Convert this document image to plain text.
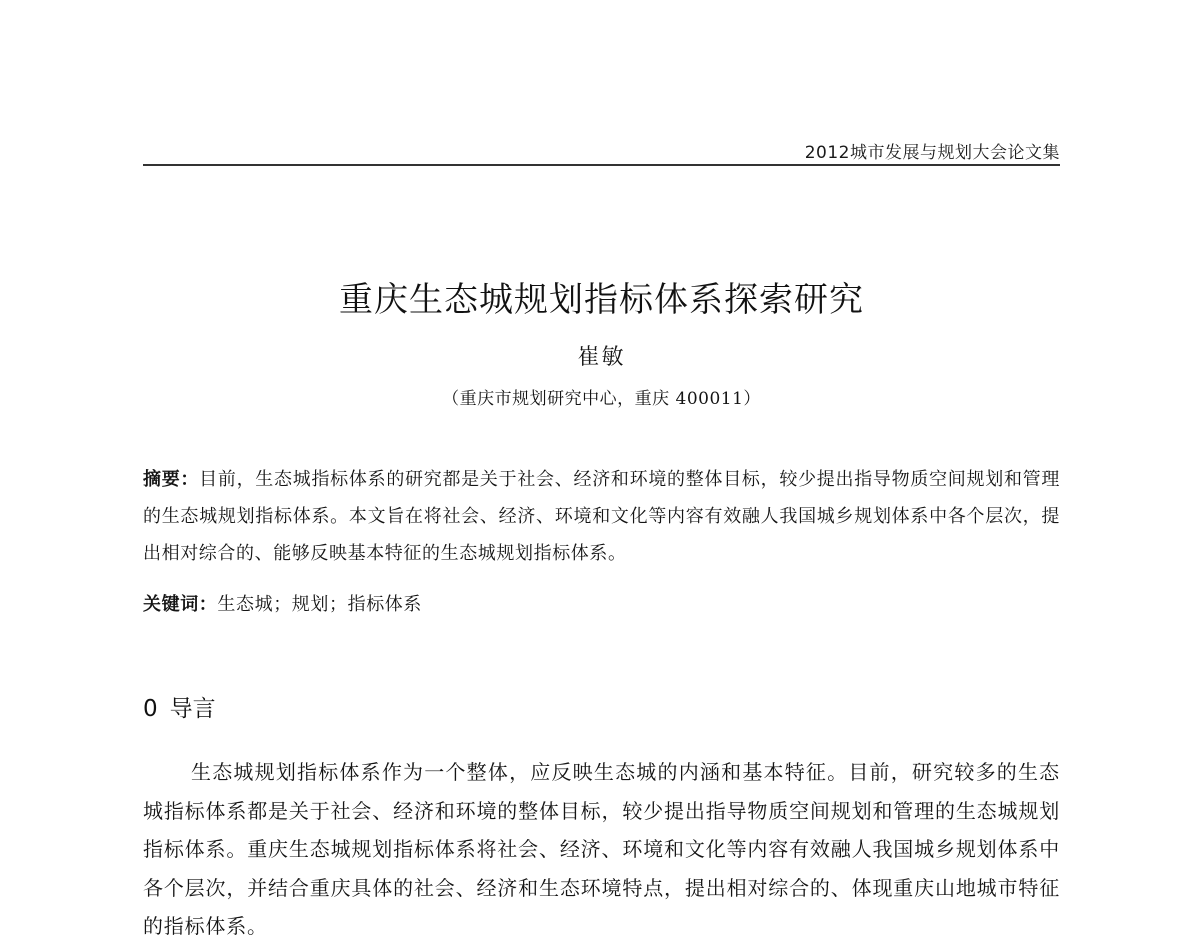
2012城市发展与规划大会论文集
重庆生态城规划指标体系探索研究
崔敏
（重庆市规划研究中心，重庆 400011）
摘要：目前，生态城指标体系的研究都是关于社会、经济和环境的整体目标，较少提出指导物质空间规划和管理的生态城规划指标体系。本文旨在将社会、经济、环境和文化等内容有效融人我国城乡规划体系中各个层次，提出相对综合的、能够反映基本特征的生态城规划指标体系。
关键词：生态城；规划；指标体系
0 导言
生态城规划指标体系作为一个整体，应反映生态城的内涵和基本特征。目前，研究较多的生态城指标体系都是关于社会、经济和环境的整体目标，较少提出指导物质空间规划和管理的生态城规划指标体系。重庆生态城规划指标体系将社会、经济、环境和文化等内容有效融人我国城乡规划体系中各个层次，并结合重庆具体的社会、经济和生态环境特点，提出相对综合的、体现重庆山地城市特征的指标体系。
